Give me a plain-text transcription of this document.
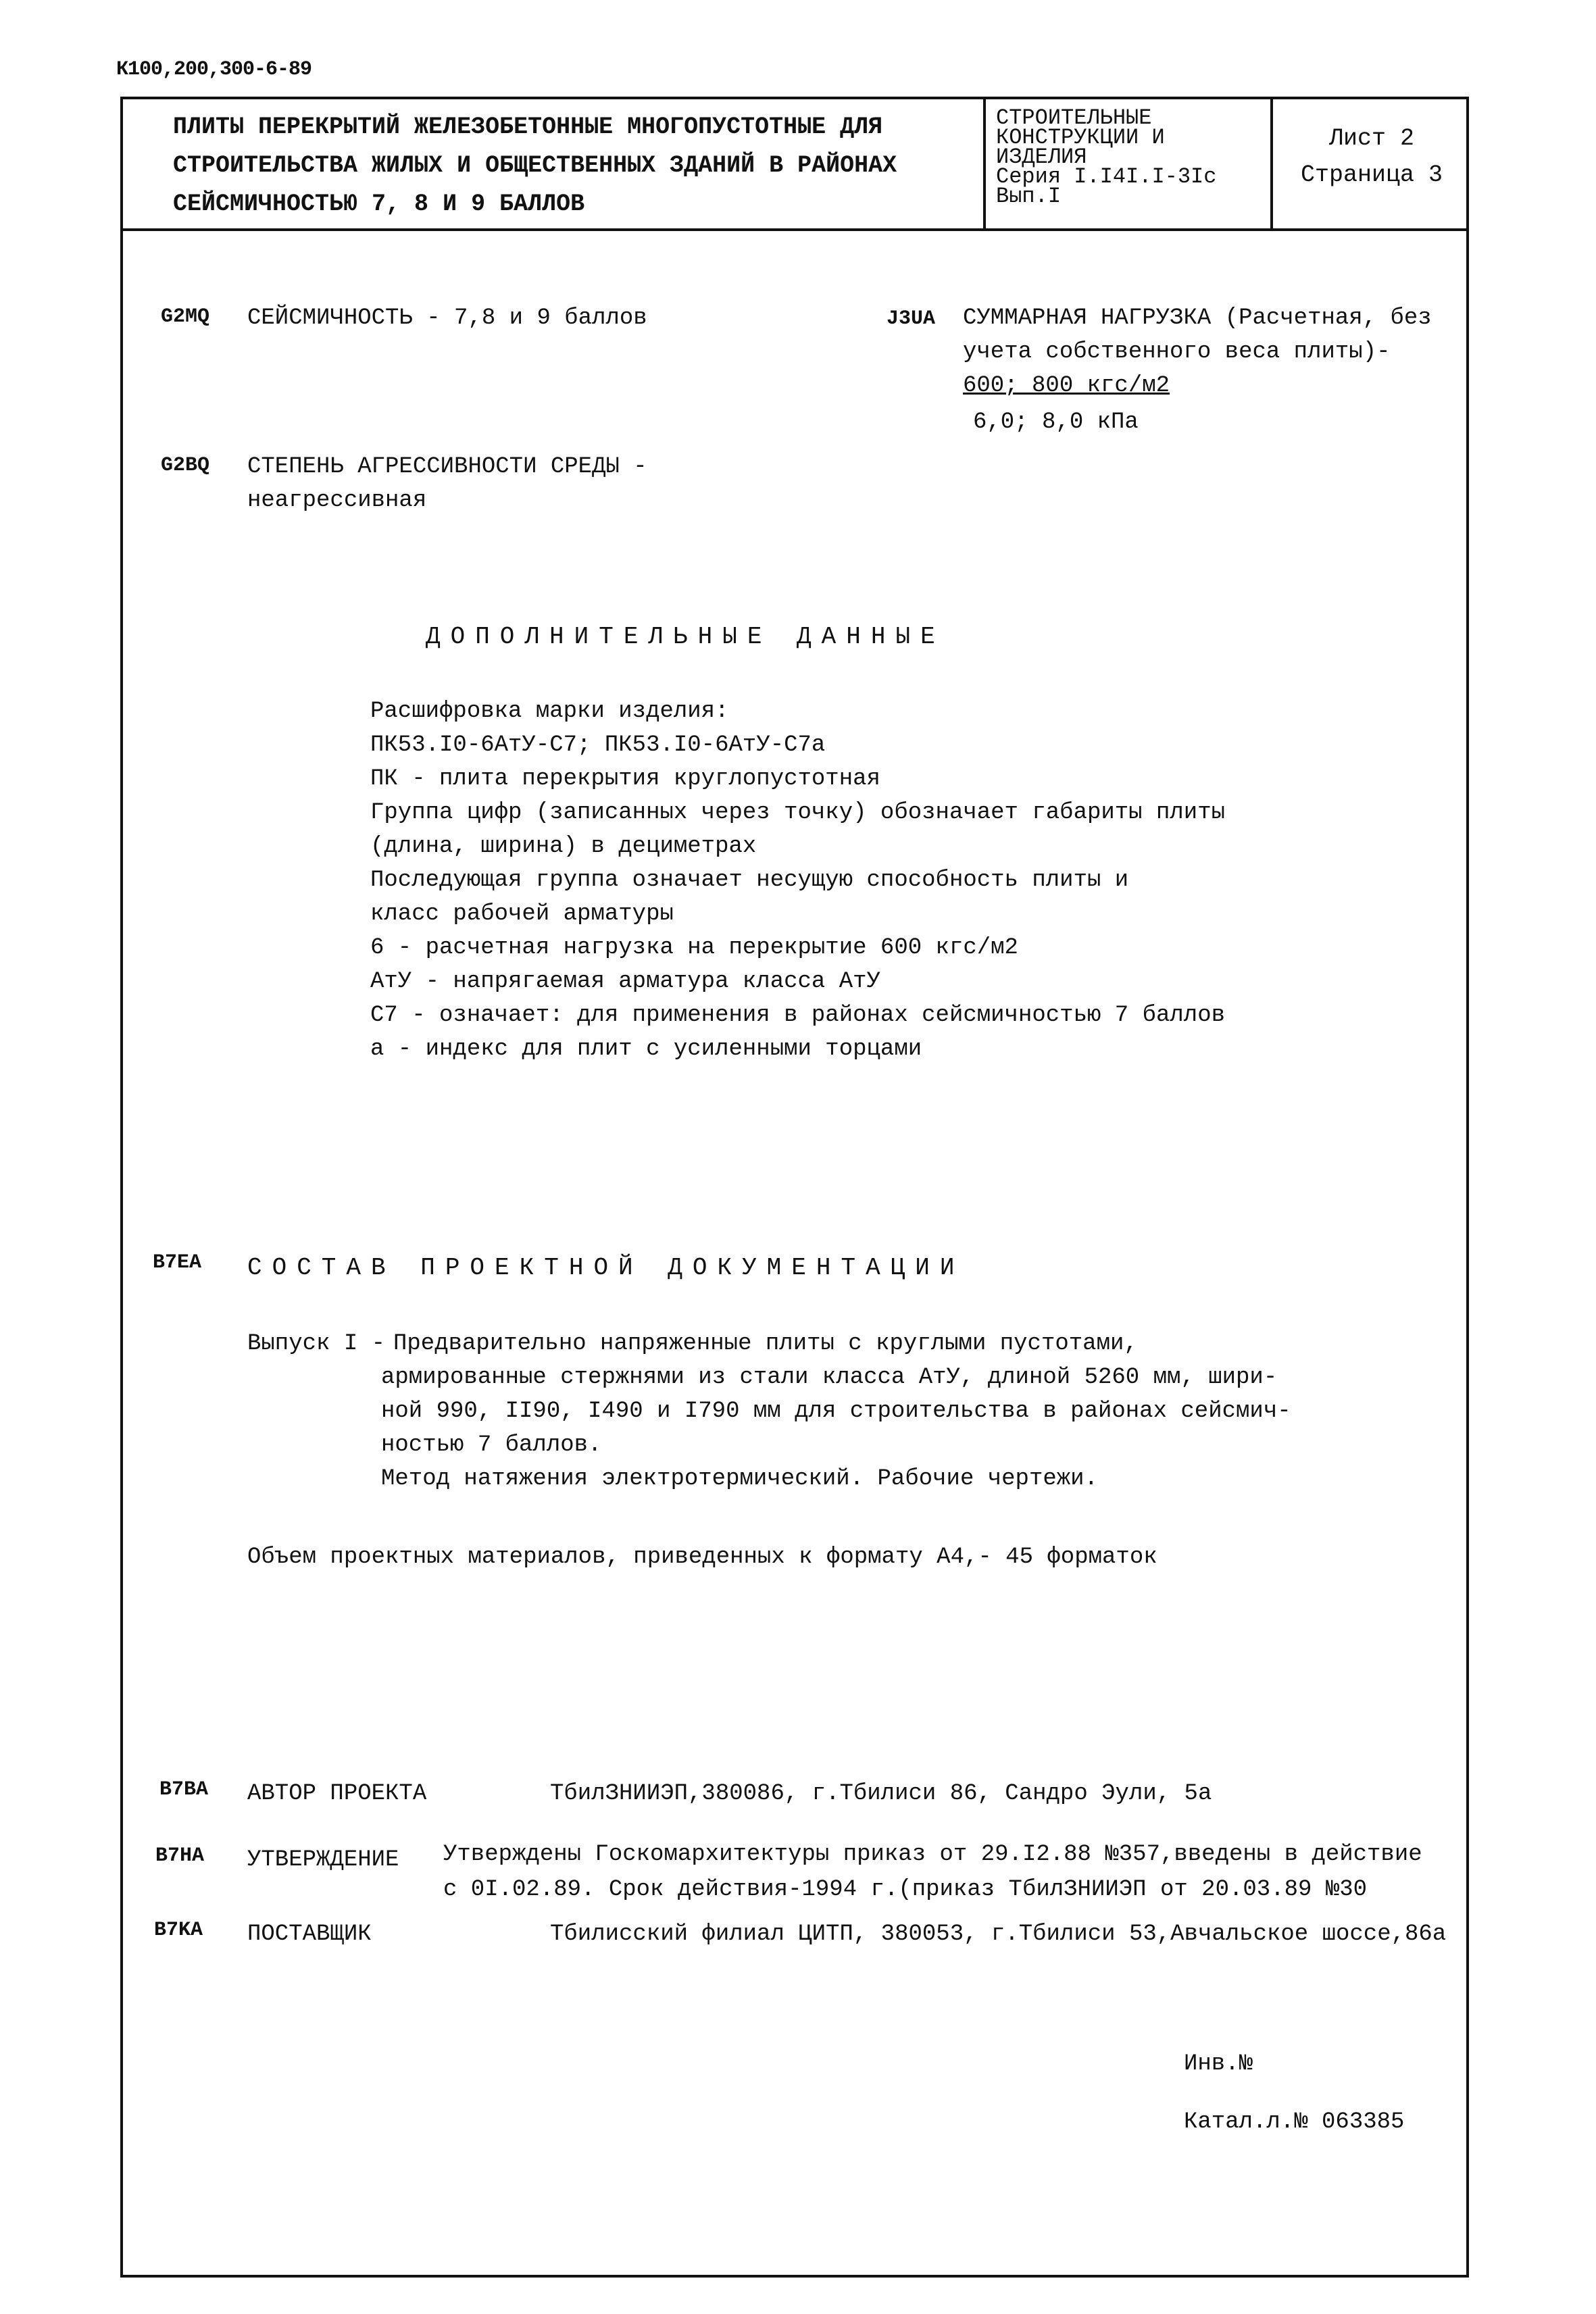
К100,200,300-6-89
ПЛИТЫ ПЕРЕКРЫТИЙ ЖЕЛЕЗОБЕТОННЫЕ МНОГОПУСТОТНЫЕ ДЛЯ
СТРОИТЕЛЬСТВА ЖИЛЫХ И ОБЩЕСТВЕННЫХ ЗДАНИЙ В РАЙОНАХ
СЕЙСМИЧНОСТЬЮ 7, 8 И 9 БАЛЛОВ
СТРОИТЕЛЬНЫЕ
КОНСТРУКЦИИ И
ИЗДЕЛИЯ
Серия I.I4I.I-3Ic
Вып.I
Лист 2
Страница 3
G2MQ СЕЙСМИЧНОСТЬ - 7,8 и 9 баллов
G2BQ СТЕПЕНЬ АГРЕССИВНОСТИ СРЕДЫ -
неагрессивная
J3UA СУММАРНАЯ НАГРУЗКА (Расчетная, без
учета собственного веса плиты)-
600; 800 кгс/м2
6,0; 8,0 кПа
ДОПОЛНИТЕЛЬНЫЕ ДАННЫЕ
Расшифровка марки изделия:
ПК53.I0-6АтУ-С7; ПК53.I0-6АтУ-С7а
ПК - плита перекрытия круглопустотная
Группа цифр (записанных через точку) обозначает габариты плиты
(длина, ширина) в дециметрах
Последующая группа означает несущую способность плиты и
класс рабочей арматуры
6 - расчетная нагрузка на перекрытие 600 кгс/м2
АтУ - напрягаемая арматура класса АтУ
С7 - означает: для применения в районах сейсмичностью 7 баллов
а - индекс для плит с усиленными торцами
B7EA СОСТАВ ПРОЕКТНОЙ ДОКУМЕНТАЦИИ
Выпуск I - Предварительно напряженные плиты с круглыми пустотами,
армированные стержнями из стали класса АтУ, длиной 5260 мм, шири-
ной 990, II90, I490 и I790 мм для строительства в районах сейсмич-
ностью 7 баллов.
Метод натяжения электротермический. Рабочие чертежи.
Объем проектных материалов, приведенных к формату А4,- 45 форматок
B7BA АВТОР ПРОЕКТА	ТбилЗНИИЭП,380086, г.Тбилиси 86, Сандро Эули, 5а
B7HA УТВЕРЖДЕНИЕ Утверждены Госкомархитектуры приказ от 29.I2.88 №357,введены в действие
с 0I.02.89. Срок действия-1994 г.(приказ ТбилЗНИИЭП от 20.03.89 №30
B7KA ПОСТАВЩИК	Тбилисский филиал ЦИТП, 380053, г.Тбилиси 53,Авчальское шоссе,86а
Инв.№
Катал.л.№ 063385
